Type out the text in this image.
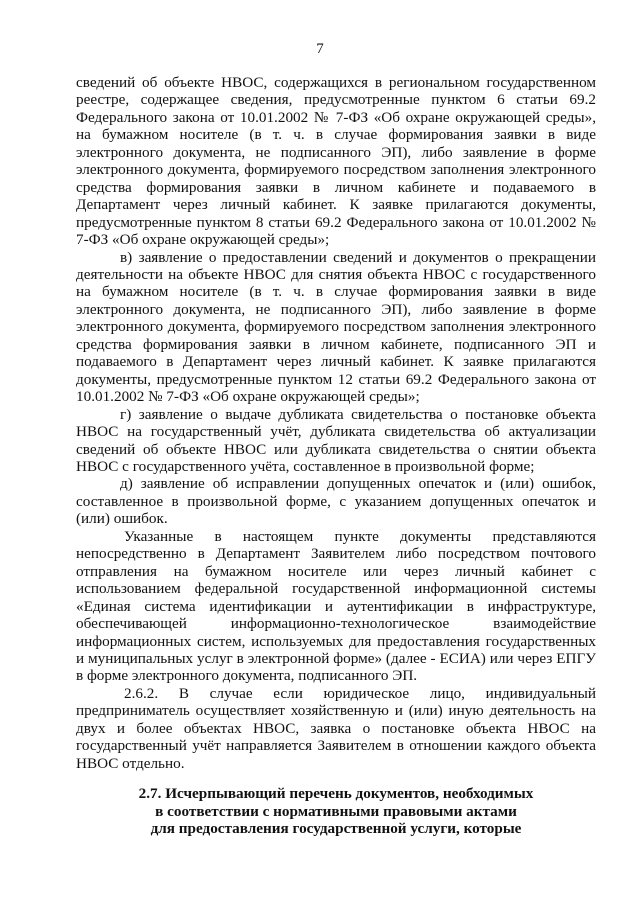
7

сведений об объекте НВОС, содержащихся в региональном государственном реестре, содержащее сведения, предусмотренные пунктом 6 статьи 69.2 Федерального закона от 10.01.2002 № 7-ФЗ «Об охране окружающей среды», на бумажном носителе (в т. ч. в случае формирования заявки в виде электронного документа, не подписанного ЭП), либо заявление в форме электронного документа, формируемого посредством заполнения электронного средства формирования заявки в личном кабинете и подаваемого в Департамент через личный кабинет. К заявке прилагаются документы, предусмотренные пунктом 8 статьи 69.2 Федерального закона от 10.01.2002 № 7-ФЗ «Об охране окружающей среды»;

в) заявление о предоставлении сведений и документов о прекращении деятельности на объекте НВОС для снятия объекта НВОС с государственного на бумажном носителе (в т. ч. в случае формирования заявки в виде электронного документа, не подписанного ЭП), либо заявление в форме электронного документа, формируемого посредством заполнения электронного средства формирования заявки в личном кабинете, подписанного ЭП и подаваемого в Департамент через личный кабинет. К заявке прилагаются документы, предусмотренные пунктом 12 статьи 69.2 Федерального закона от 10.01.2002 № 7-ФЗ «Об охране окружающей среды»;

г) заявление о выдаче дубликата свидетельства о постановке объекта НВОС на государственный учёт, дубликата свидетельства об актуализации сведений об объекте НВОС или дубликата свидетельства о снятии объекта НВОС с государственного учёта, составленное в произвольной форме;

д) заявление об исправлении допущенных опечаток и (или) ошибок, составленное в произвольной форме, с указанием допущенных опечаток и (или) ошибок.

Указанные в настоящем пункте документы представляются непосредственно в Департамент Заявителем либо посредством почтового отправления на бумажном носителе или через личный кабинет с использованием федеральной государственной информационной системы «Единая система идентификации и аутентификации в инфраструктуре, обеспечивающей информационно-технологическое взаимодействие информационных систем, используемых для предоставления государственных и муниципальных услуг в электронной форме» (далее - ЕСИА) или через ЕПГУ в форме электронного документа, подписанного ЭП.

2.6.2. В случае если юридическое лицо, индивидуальный предприниматель осуществляет хозяйственную и (или) иную деятельность на двух и более объектах НВОС, заявка о постановке объекта НВОС на государственный учёт направляется Заявителем в отношении каждого объекта НВОС отдельно.

2.7. Исчерпывающий перечень документов, необходимых
в соответствии с нормативными правовыми актами
для предоставления государственной услуги, которые
